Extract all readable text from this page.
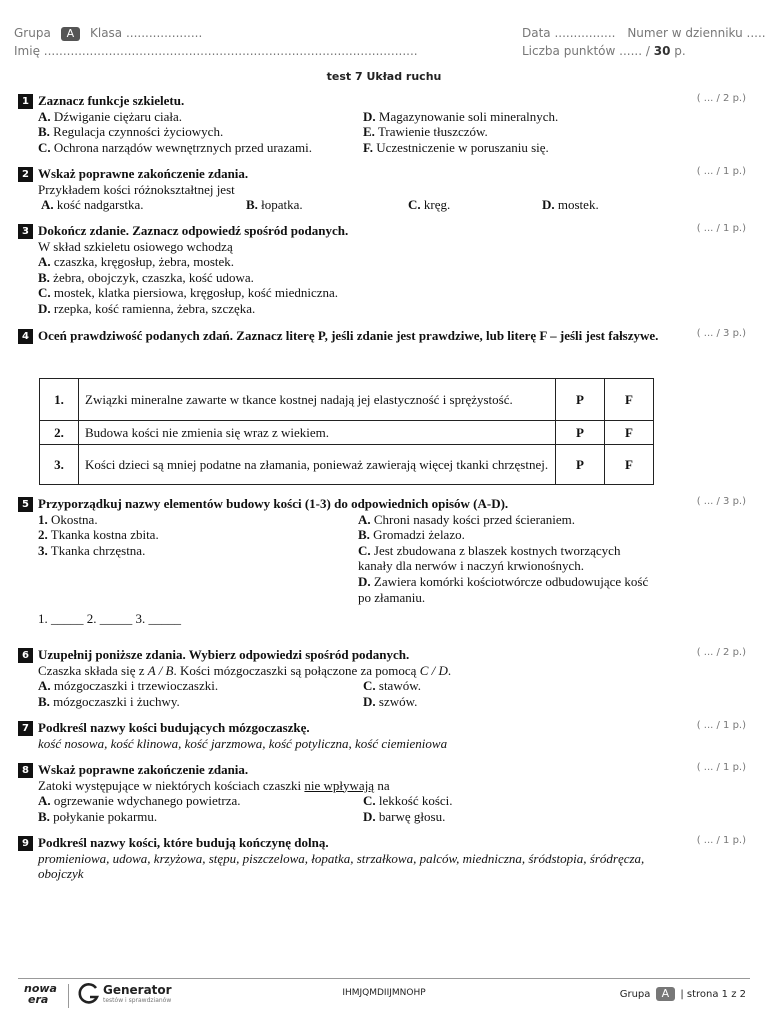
Grupa A Klasa ....................
Imię ..................................................................................................
Data ................ Numer w dzienniku .....
Liczba punktów ...... / 30 p.
test 7 Układ ruchu
1	( ... / 2 p.)
Zaznacz funkcje szkieletu.
A. Dźwiganie ciężaru ciała.	D. Magazynowanie soli mineralnych.
B. Regulacja czynności życiowych.	E. Trawienie tłuszczów.
C. Ochrona narządów wewnętrznych przed urazami.	F. Uczestniczenie w poruszaniu się.
2	( ... / 1 p.)
Wskaż poprawne zakończenie zdania.
Przykładem kości różnokształtnej jest
A. kość nadgarstka.	B. łopatka.	C. kręg.	D. mostek.
3	( ... / 1 p.)
Dokończ zdanie. Zaznacz odpowiedź spośród podanych.
W skład szkieletu osiowego wchodzą
A. czaszka, kręgosłup, żebra, mostek.
B. żebra, obojczyk, czaszka, kość udowa.
C. mostek, klatka piersiowa, kręgosłup, kość miedniczna.
D. rzepka, kość ramienna, żebra, szczęka.
4	( ... / 3 p.)
Oceń prawdziwość podanych zdań. Zaznacz literę P, jeśli zdanie jest prawdziwe, lub literę F – jeśli jest fałszywe.
1.	Związki mineralne zawarte w tkance kostnej nadają jej elastyczność i sprężystość.	P	F
2.	Budowa kości nie zmienia się wraz z wiekiem.	P	F
3.	Kości dzieci są mniej podatne na złamania, ponieważ zawierają więcej tkanki chrzęstnej.	P	F
5	( ... / 3 p.)
Przyporządkuj nazwy elementów budowy kości (1-3) do odpowiednich opisów (A-D).
1. Okostna.
2. Tkanka kostna zbita.
3. Tkanka chrzęstna.
A. Chroni nasady kości przed ścieraniem.
B. Gromadzi żelazo.
C. Jest zbudowana z blaszek kostnych tworzących kanały dla nerwów i naczyń krwionośnych.
D. Zawiera komórki kościotwórcze odbudowujące kość po złamaniu.
1. _____ 2. _____ 3. _____
6	( ... / 2 p.)
Uzupełnij poniższe zdania. Wybierz odpowiedzi spośród podanych.
Czaszka składa się z A / B. Kości mózgoczaszki są połączone za pomocą C / D.
A. mózgoczaszki i trzewioczaszki.	C. stawów.
B. mózgoczaszki i żuchwy.	D. szwów.
7	( ... / 1 p.)
Podkreśl nazwy kości budujących mózgoczaszkę.
kość nosowa, kość klinowa, kość jarzmowa, kość potyliczna, kość ciemieniowa
8	( ... / 1 p.)
Wskaż poprawne zakończenie zdania.
Zatoki występujące w niektórych kościach czaszki nie wpływają na
A. ogrzewanie wdychanego powietrza.	C. lekkość kości.
B. połykanie pokarmu.	D. barwę głosu.
9	( ... / 1 p.)
Podkreśl nazwy kości, które budują kończynę dolną.
promieniowa, udowa, krzyżowa, stępu, piszczelowa, łopatka, strzałkowa, palców, miedniczna, śródstopia, śródręcza, obojczyk
nowa
era
Generator
testów i sprawdzianów
IHMJQMDIIJMNOHP	Grupa A | strona 1 z 2
